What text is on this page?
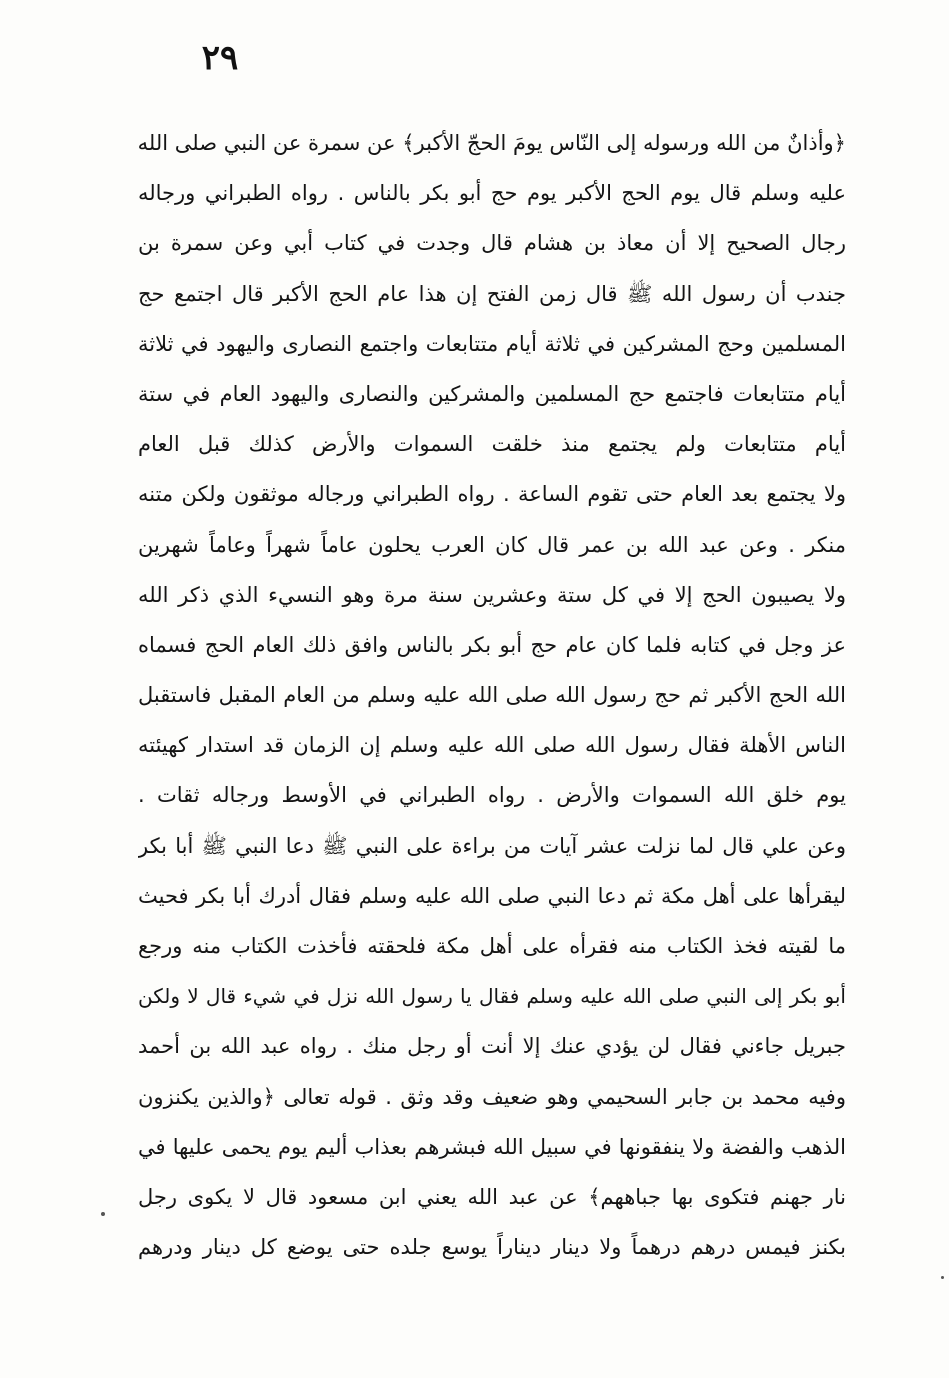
٢٩
﴿وأذانٌ من الله ورسوله إلى النّاس يومَ الحجّ الأكبر﴾ عن سمرة عن النبي صلى الله
عليه وسلم قال يوم الحج الأكبر يوم حج أبو بكر بالناس . رواه الطبراني ورجاله
رجال الصحيح إلا أن معاذ بن هشام قال وجدت في كتاب أبي وعن سمرة بن
جندب أن رسول الله ﷺ قال زمن الفتح إن هذا عام الحج الأكبر قال اجتمع حج
المسلمين وحج المشركين في ثلاثة أيام متتابعات واجتمع النصارى واليهود في ثلاثة
أيام متتابعات فاجتمع حج المسلمين والمشركين والنصارى واليهود العام في ستة
أيام متتابعات ولم يجتمع منذ خلقت السموات والأرض كذلك قبل العام
ولا يجتمع بعد العام حتى تقوم الساعة . رواه الطبراني ورجاله موثقون ولكن متنه
منكر . وعن عبد الله بن عمر قال كان العرب يحلون عاماً شهراً وعاماً شهرين
ولا يصيبون الحج إلا في كل ستة وعشرين سنة مرة وهو النسيء الذي ذكر الله
عز وجل في كتابه فلما كان عام حج أبو بكر بالناس وافق ذلك العام الحج فسماه
الله الحج الأكبر ثم حج رسول الله صلى الله عليه وسلم من العام المقبل فاستقبل
الناس الأهلة فقال رسول الله صلى الله عليه وسلم إن الزمان قد استدار كهيئته
يوم خلق الله السموات والأرض . رواه الطبراني في الأوسط ورجاله ثقات .
وعن علي قال لما نزلت عشر آيات من براءة على النبي ﷺ دعا النبي ﷺ أبا بكر
ليقرأها على أهل مكة ثم دعا النبي صلى الله عليه وسلم فقال أدرك أبا بكر فحيث
ما لقيته فخذ الكتاب منه فقرأه على أهل مكة فلحقته فأخذت الكتاب منه ورجع
أبو بكر إلى النبي صلى الله عليه وسلم فقال يا رسول الله نزل في شيء قال لا ولكن
جبريل جاءني فقال لن يؤدي عنك إلا أنت أو رجل منك . رواه عبد الله بن أحمد
وفيه محمد بن جابر السحيمي وهو ضعيف وقد وثق . قوله تعالى ﴿والذين يكنزون
الذهب والفضة ولا ينفقونها في سبيل الله فبشرهم بعذاب أليم يوم يحمى عليها في
نار جهنم فتكوى بها جباههم﴾ عن عبد الله يعني ابن مسعود قال لا يكوى رجل
بكنز فيمس درهم درهماً ولا دينار ديناراً يوسع جلده حتى يوضع كل دينار ودرهم
